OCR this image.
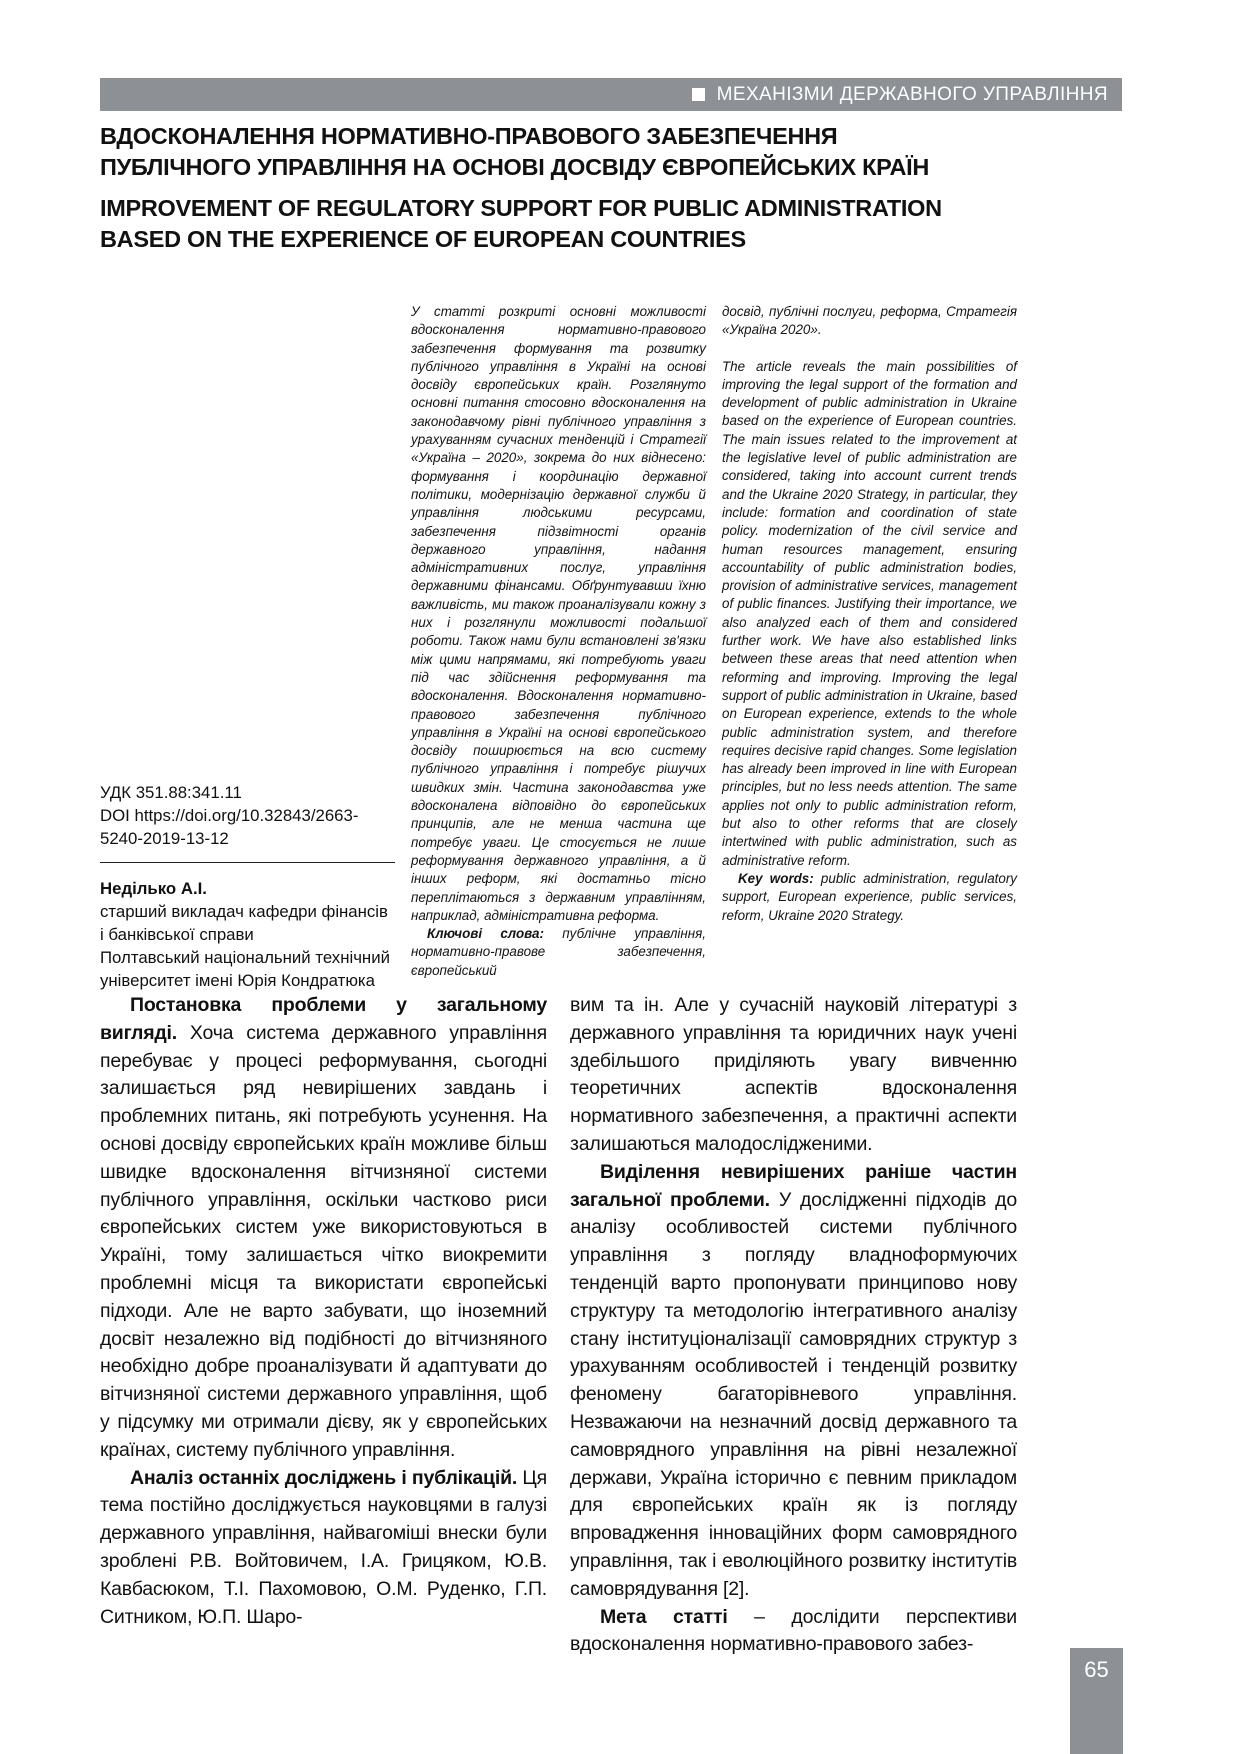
МЕХАНІЗМИ ДЕРЖАВНОГО УПРАВЛІННЯ
ВДОСКОНАЛЕННЯ НОРМАТИВНО-ПРАВОВОГО ЗАБЕЗПЕЧЕННЯ
ПУБЛІЧНОГО УПРАВЛІННЯ НА ОСНОВІ ДОСВІДУ ЄВРОПЕЙСЬКИХ КРАЇН
IMPROVEMENT OF REGULATORY SUPPORT FOR PUBLIC ADMINISTRATION
BASED ON THE EXPERIENCE OF EUROPEAN COUNTRIES
УДК 351.88:341.11
DOI https://doi.org/10.32843/2663-5240-2019-13-12
Неділько А.І.
старший викладач кафедри фінансів і банківської справи
Полтавський національний технічний університет імені Юрія Кондратюка

У статті розкриті основні можливості вдосконалення нормативно-правового забезпечення формування та розвитку публічного управління в Україні на основі досвіду європейських країн. Розглянуто основні питання стосовно вдосконалення на законодавчому рівні публічного управління з урахуванням сучасних тенденцій і Стратегії «Україна – 2020», зокрема до них віднесено: формування і координацію державної політики, модернізацію державної служби й управління людськими ресурсами, забезпечення підзвітності органів державного управління, надання адміністративних послуг, управління державними фінансами. Обґрунтувавши їхню важливість, ми також проаналізували кожну з них і розглянули можливості подальшої роботи. Також нами були встановлені зв'язки між цими напрямами, які потребують уваги під час здійснення реформування та вдосконалення. Вдосконалення нормативно-правового забезпечення публічного управління в Україні на основі європейського досвіду поширюється на всю систему публічного управління і потребує рішучих швидких змін. Частина законодавства уже вдосконалена відповідно до європейських принципів, але не менша частина ще потребує уваги. Це стосується не лише реформування державного управління, а й інших реформ, які достатньо тісно переплітаються з державним управлінням, наприклад, адміністративна реформа.

Ключові слова: публічне управління, нормативно-правове забезпечення, європейський

досвід, публічні послуги, реформа, Стратегія «Україна 2020».

The article reveals the main possibilities of improving the legal support of the formation and development of public administration in Ukraine based on the experience of European countries. The main issues related to the improvement at the legislative level of public administration are considered, taking into account current trends and the Ukraine 2020 Strategy, in particular, they include: formation and coordination of state policy. modernization of the civil service and human resources management, ensuring accountability of public administration bodies, provision of administrative services, management of public finances. Justifying their importance, we also analyzed each of them and considered further work. We have also established links between these areas that need attention when reforming and improving. Improving the legal support of public administration in Ukraine, based on European experience, extends to the whole public administration system, and therefore requires decisive rapid changes. Some legislation has already been improved in line with European principles, but no less needs attention. The same applies not only to public administration reform, but also to other reforms that are closely intertwined with public administration, such as administrative reform.

Key words: public administration, regulatory support, European experience, public services, reform, Ukraine 2020 Strategy.

Постановка проблеми у загальному вигляді. Хоча система державного управління перебуває у процесі реформування, сьогодні залишається ряд невирішених завдань і проблемних питань, які потребують усунення. На основі досвіду європейських країн можливе більш швидке вдосконалення вітчизняної системи публічного управління, оскільки частково риси європейських систем уже використовуються в Україні, тому залишається чітко виокремити проблемні місця та використати європейські підходи. Але не варто забувати, що іноземний досвіт незалежно від подібності до вітчизняного необхідно добре проаналізувати й адаптувати до вітчизняної системи державного управління, щоб у підсумку ми отримали дієву, як у європейських країнах, систему публічного управління.

Аналіз останніх досліджень і публікацій. Ця тема постійно досліджується науковцями в галузі державного управління, найвагоміші внески були зроблені Р.В. Войтовичем, І.А. Грицяком, Ю.В. Кавбасюком, Т.І. Пахомовою, О.М. Руденко, Г.П. Ситником, Ю.П. Шаро-

вим та ін. Але у сучасній науковій літературі з державного управління та юридичних наук учені здебільшого приділяють увагу вивченню теоретичних аспектів вдосконалення нормативного забезпечення, а практичні аспекти залишаються малодослідженими.

Виділення невирішених раніше частин загальної проблеми. У дослідженні підходів до аналізу особливостей системи публічного управління з погляду владноформуючих тенденцій варто пропонувати принципово нову структуру та методологію інтегративного аналізу стану інституціоналізації самоврядних структур з урахуванням особливостей і тенденцій розвитку феномену багаторівневого управління. Незважаючи на незначний досвід державного та самоврядного управління на рівні незалежної держави, Україна історично є певним прикладом для європейських країн як із погляду впровадження інноваційних форм самоврядного управління, так і еволюційного розвитку інститутів самоврядування [2].

Мета статті – дослідити перспективи вдосконалення нормативно-правового забез-

65
